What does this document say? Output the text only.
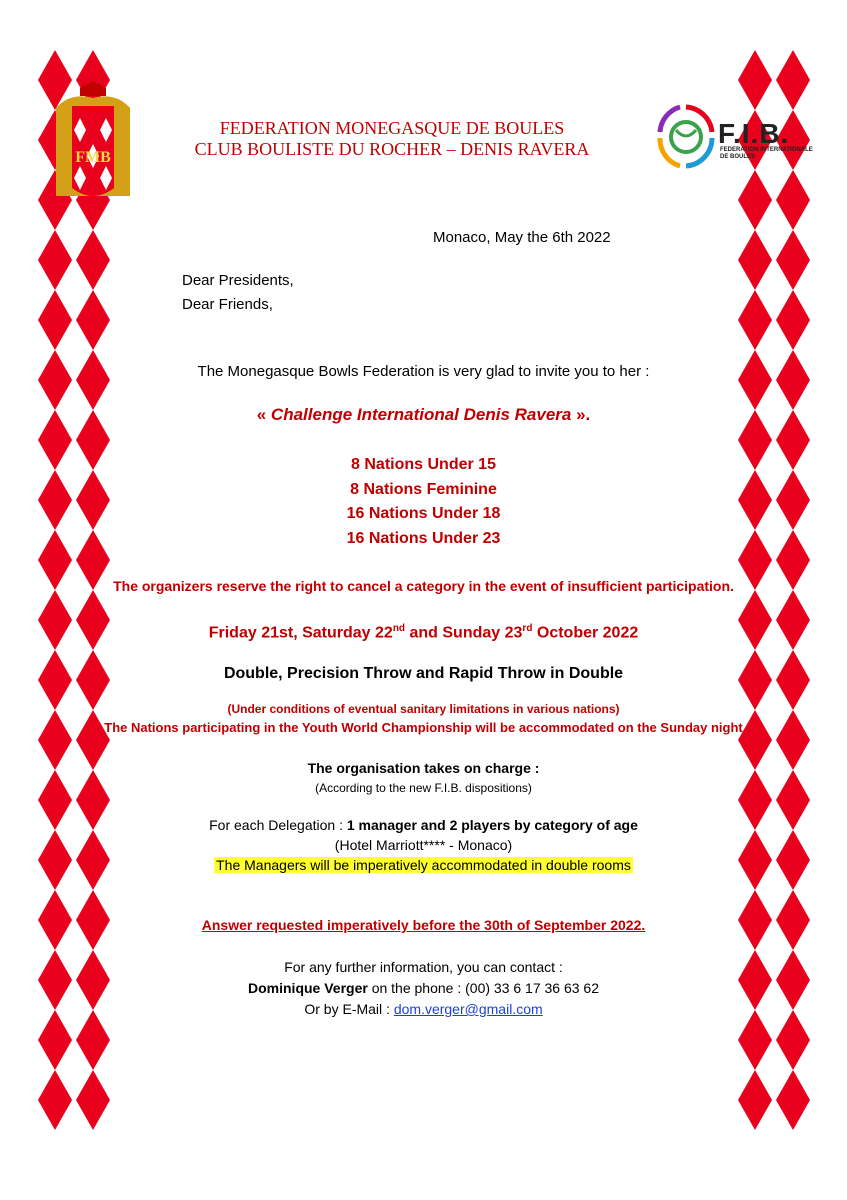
FMB
F.I.B.
FEDERATION INTERNATIONALE DE BOULES
FEDERATION MONEGASQUE DE BOULES
CLUB BOULISTE DU ROCHER – DENIS RAVERA
Monaco, May the 6th 2022
Dear Presidents,
Dear Friends,
The Monegasque Bowls Federation is very glad to invite you to her :
« Challenge International Denis Ravera ».
8 Nations Under 15
8 Nations Feminine
16 Nations Under 18
16 Nations Under 23
The organizers reserve the right to cancel a category in the event of insufficient participation.
Friday 21st, Saturday 22nd and Sunday 23rd October 2022
Double, Precision Throw and Rapid Throw in Double
(Under conditions of eventual sanitary limitations in various nations)
The Nations participating in the Youth World Championship will be accommodated on the Sunday night
The organisation takes on charge :
(According to the new F.I.B. dispositions)
For each Delegation : 1 manager and 2 players by category of age
(Hotel Marriott**** - Monaco)
The Managers will be imperatively accommodated in double rooms
Answer requested imperatively before the 30th of September 2022.
For any further information, you can contact :
Dominique Verger on the phone : (00) 33 6 17 36 63 62
Or by E-Mail : dom.verger@gmail.com
